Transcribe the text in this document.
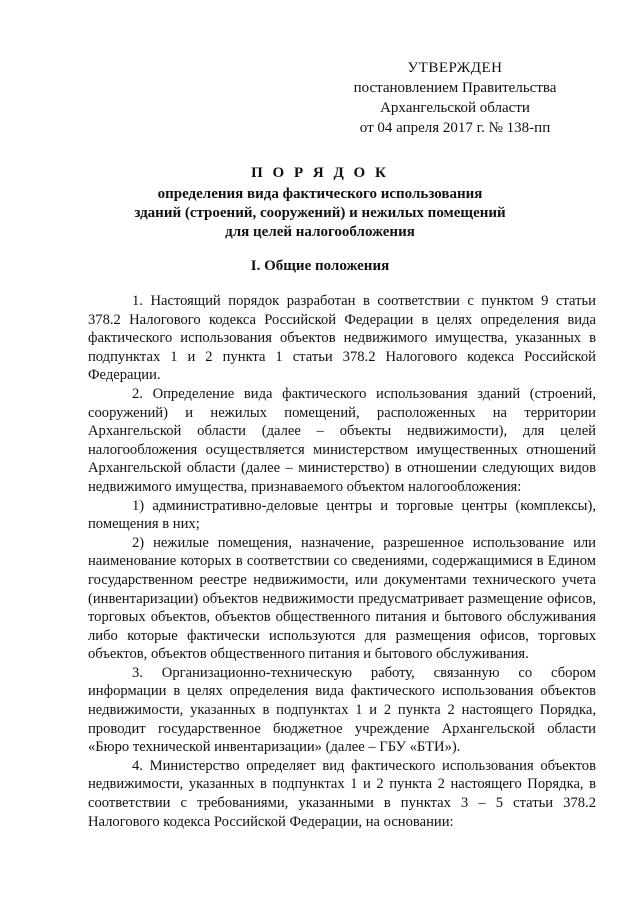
УТВЕРЖДЕН
постановлением Правительства
Архангельской области
от 04 апреля 2017 г. № 138-пп
П О Р Я Д О К
определения вида фактического использования
зданий (строений, сооружений) и нежилых помещений
для целей налогообложения
I. Общие положения

1. Настоящий порядок разработан в соответствии с пунктом 9 статьи 378.2 Налогового кодекса Российской Федерации в целях определения вида фактического использования объектов недвижимого имущества, указанных в подпунктах 1 и 2 пункта 1 статьи 378.2 Налогового кодекса Российской Федерации.

2. Определение вида фактического использования зданий (строений, сооружений) и нежилых помещений, расположенных на территории Архангельской области (далее – объекты недвижимости), для целей налогообложения осуществляется министерством имущественных отношений Архангельской области (далее – министерство) в отношении следующих видов недвижимого имущества, признаваемого объектом налогообложения:

1) административно-деловые центры и торговые центры (комплексы), помещения в них;

2) нежилые помещения, назначение, разрешенное использование или наименование которых в соответствии со сведениями, содержащимися в Едином государственном реестре недвижимости, или документами технического учета (инвентаризации) объектов недвижимости предусматривает размещение офисов, торговых объектов, объектов общественного питания и бытового обслуживания либо которые фактически используются для размещения офисов, торговых объектов, объектов общественного питания и бытового обслуживания.

3. Организационно-техническую работу, связанную со сбором информации в целях определения вида фактического использования объектов недвижимости, указанных в подпунктах 1 и 2 пункта 2 настоящего Порядка, проводит государственное бюджетное учреждение Архангельской области «Бюро технической инвентаризации» (далее – ГБУ «БТИ»).

4. Министерство определяет вид фактического использования объектов недвижимости, указанных в подпунктах 1 и 2 пункта 2 настоящего Порядка, в соответствии с требованиями, указанными в пунктах 3 – 5 статьи 378.2 Налогового кодекса Российской Федерации, на основании:
